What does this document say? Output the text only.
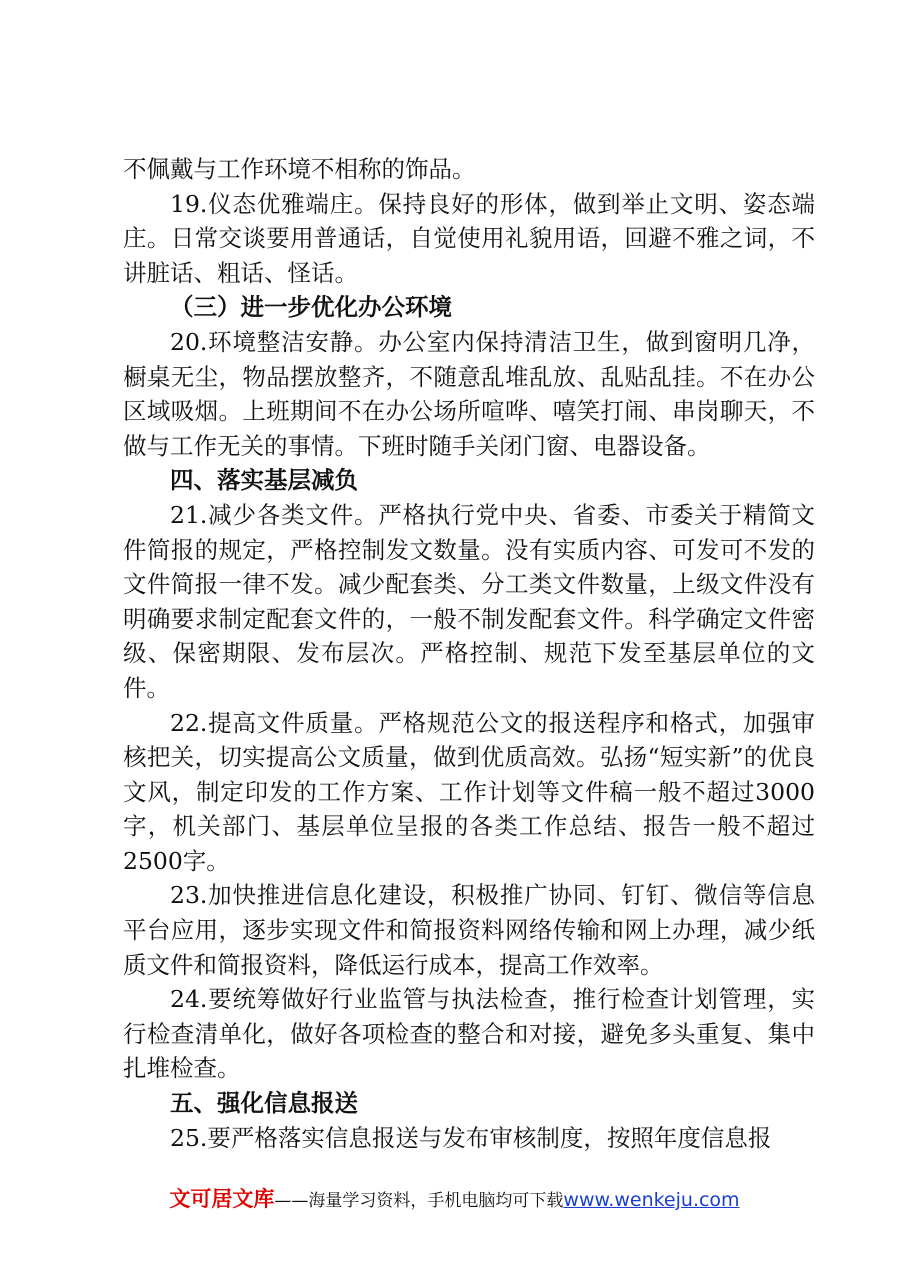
不佩戴与工作环境不相称的饰品。

19.仪态优雅端庄。保持良好的形体，做到举止文明、姿态端庄。日常交谈要用普通话，自觉使用礼貌用语，回避不雅之词，不讲脏话、粗话、怪话。

（三）进一步优化办公环境

20.环境整洁安静。办公室内保持清洁卫生，做到窗明几净，橱桌无尘，物品摆放整齐，不随意乱堆乱放、乱贴乱挂。不在办公区域吸烟。上班期间不在办公场所喧哗、嘻笑打闹、串岗聊天，不做与工作无关的事情。下班时随手关闭门窗、电器设备。

四、落实基层减负

21.减少各类文件。严格执行党中央、省委、市委关于精简文件简报的规定，严格控制发文数量。没有实质内容、可发可不发的文件简报一律不发。减少配套类、分工类文件数量，上级文件没有明确要求制定配套文件的，一般不制发配套文件。科学确定文件密级、保密期限、发布层次。严格控制、规范下发至基层单位的文件。

22.提高文件质量。严格规范公文的报送程序和格式，加强审核把关，切实提高公文质量，做到优质高效。弘扬“短实新”的优良文风，制定印发的工作方案、工作计划等文件稿一般不超过3000字，机关部门、基层单位呈报的各类工作总结、报告一般不超过2500字。

23.加快推进信息化建设，积极推广协同、钉钉、微信等信息平台应用，逐步实现文件和简报资料网络传输和网上办理，减少纸质文件和简报资料，降低运行成本，提高工作效率。

24.要统筹做好行业监管与执法检查，推行检查计划管理，实行检查清单化，做好各项检查的整合和对接，避免多头重复、集中扎堆检查。

五、强化信息报送

25.要严格落实信息报送与发布审核制度，按照年度信息报

文可居文库——海量学习资料，手机电脑均可下载www.wenkeju.com
